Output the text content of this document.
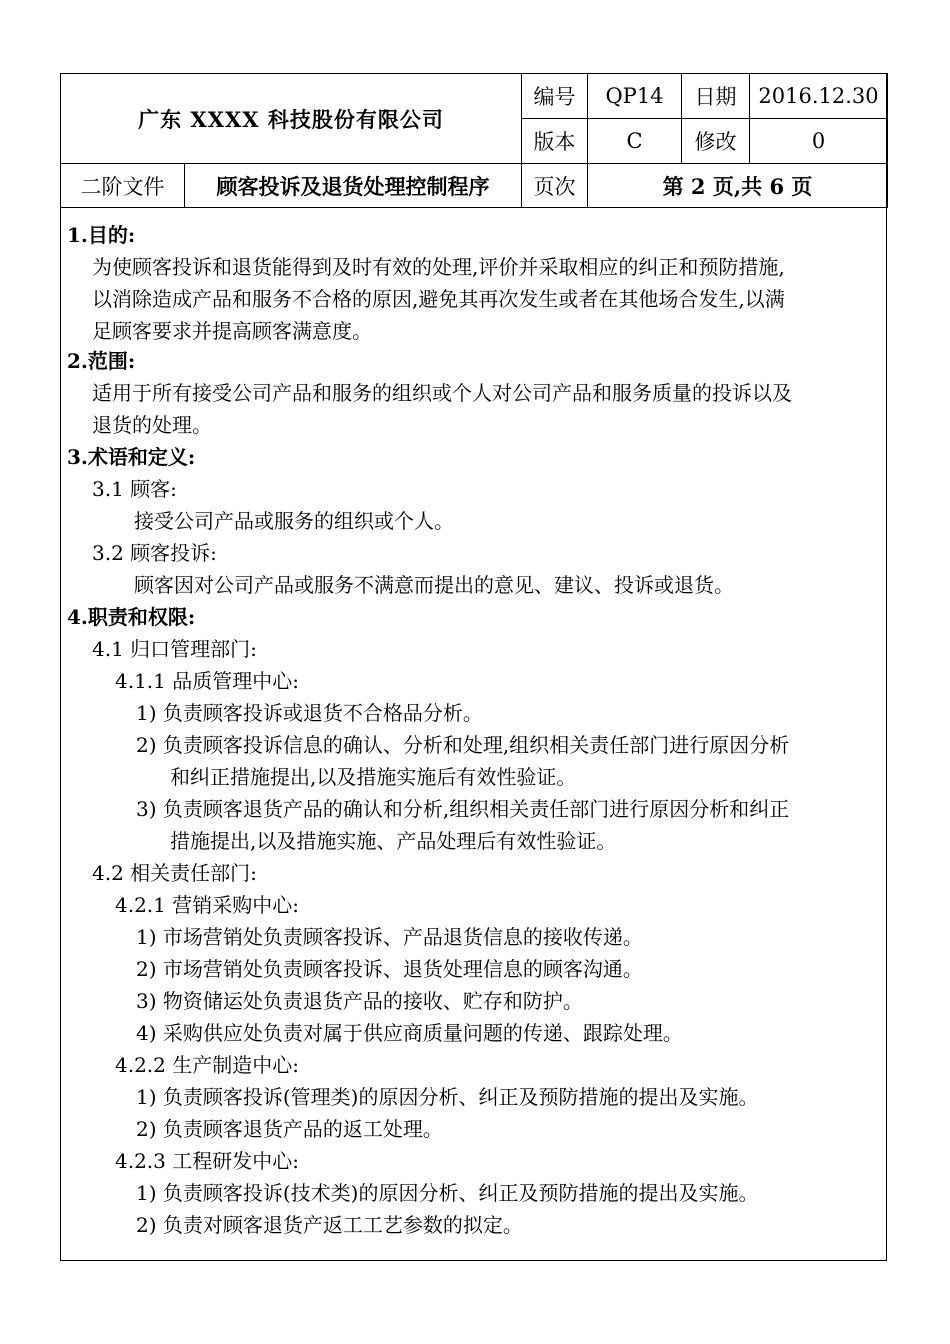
广东 XXXX 科技股份有限公司		编号	QP14	日期	2016.12.30
		版本	C	修改	0
二阶文件	顾客投诉及退货处理控制程序	页次	第 2 页,共 6 页		
1.目的:
为使顾客投诉和退货能得到及时有效的处理,评价并采取相应的纠正和预防措施,
以消除造成产品和服务不合格的原因,避免其再次发生或者在其他场合发生,以满
足顾客要求并提高顾客满意度。
2.范围:
适用于所有接受公司产品和服务的组织或个人对公司产品和服务质量的投诉以及
退货的处理。
3.术语和定义:
3.1 顾客:
接受公司产品或服务的组织或个人。
3.2 顾客投诉:
顾客因对公司产品或服务不满意而提出的意见、建议、投诉或退货。
4.职责和权限:
4.1 归口管理部门:
4.1.1 品质管理中心:
1) 负责顾客投诉或退货不合格品分析。
2) 负责顾客投诉信息的确认、分析和处理,组织相关责任部门进行原因分析
和纠正措施提出,以及措施实施后有效性验证。
3) 负责顾客退货产品的确认和分析,组织相关责任部门进行原因分析和纠正
措施提出,以及措施实施、产品处理后有效性验证。
4.2 相关责任部门:
4.2.1 营销采购中心:
1) 市场营销处负责顾客投诉、产品退货信息的接收传递。
2) 市场营销处负责顾客投诉、退货处理信息的顾客沟通。
3) 物资储运处负责退货产品的接收、贮存和防护。
4) 采购供应处负责对属于供应商质量问题的传递、跟踪处理。
4.2.2 生产制造中心:
1) 负责顾客投诉(管理类)的原因分析、纠正及预防措施的提出及实施。
2) 负责顾客退货产品的返工处理。
4.2.3 工程研发中心:
1) 负责顾客投诉(技术类)的原因分析、纠正及预防措施的提出及实施。
2) 负责对顾客退货产返工工艺参数的拟定。
